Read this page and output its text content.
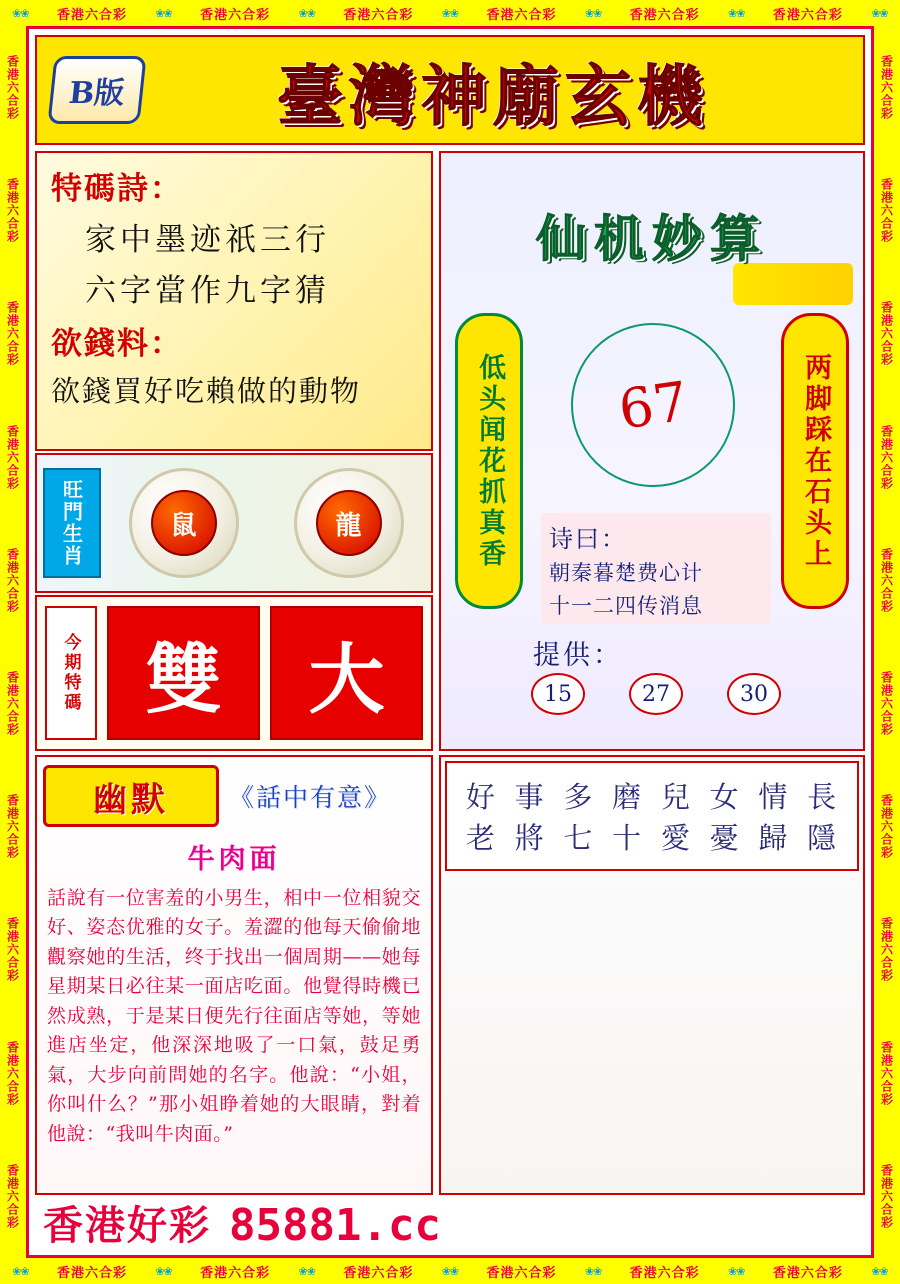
❀❀	香港六合彩	❀❀	香港六合彩	❀❀	香港六合彩	❀❀	香港六合彩	❀❀	香港六合彩	❀❀	香港六合彩	❀❀
❀❀	香港六合彩	❀❀	香港六合彩	❀❀	香港六合彩	❀❀	香港六合彩	❀❀	香港六合彩	❀❀	香港六合彩	❀❀
香港六合彩
香港六合彩
香港六合彩
香港六合彩
香港六合彩
香港六合彩
香港六合彩
香港六合彩
香港六合彩
香港六合彩
香港六合彩
香港六合彩
香港六合彩
香港六合彩
香港六合彩
香港六合彩
香港六合彩
香港六合彩
香港六合彩
香港六合彩
B版	臺灣神廟玄機
特碼詩：
家中墨迹祇三行
六字當作九字猜
欲錢料：
欲錢買好吃賴做的動物
旺門生肖	鼠	龍
今期特碼 雙	大
仙机妙算
低头闻花抓真香	两脚踩在石头上
67
诗曰：
朝秦暮楚费心计
十一二四传消息
提供：
15	27	30
幽默	《話中有意》
牛肉面
話說有一位害羞的小男生，相中一位相貌交好、姿态优雅的女子。羞澀的他每天偷偷地觀察她的生活，终于找出一個周期——她每星期某日必往某一面店吃面。他覺得時機已然成熟，于是某日便先行往面店等她，等她進店坐定，他深深地吸了一口氣，鼓足勇氣，大步向前問她的名字。他說：“小姐，你叫什么？”那小姐睁着她的大眼睛，對着他說：“我叫牛肉面。”
好 事 多 磨 兒 女 情 長
老 將 七 十 愛 憂 歸 隱
香港好彩 85881.cc
